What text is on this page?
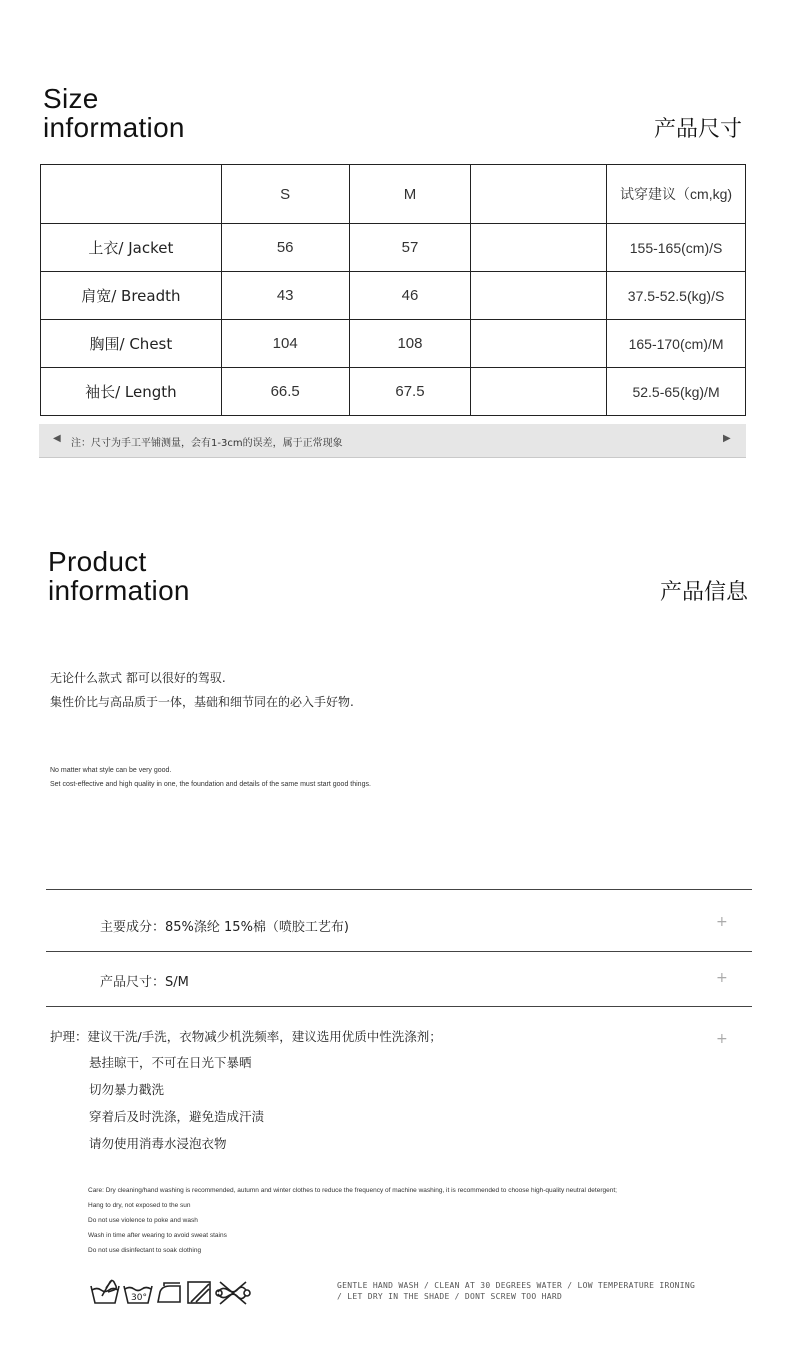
Size
information	产品尺寸
	S	M		试穿建议（cm,kg)
上衣/ Jacket	56	57		155-165(cm)/S
肩宽/ Breadth	43	46		37.5-52.5(kg)/S
胸围/ Chest	104	108		165-170(cm)/M
袖长/ Length	66.5	67.5		52.5-65(kg)/M
◀ 注：尺寸为手工平铺测量，会有1-3cm的误差，属于正常现象	▶
Product
information	产品信息
无论什么款式 都可以很好的驾驭.
集性价比与高品质于一体，基础和细节同在的必入手好物.
No matter what style can be very good.
Set cost-effective and high quality in one, the foundation and details of the same must start good things.
主要成分：85%涤纶 15%棉（喷胶工艺布)	+
产品尺寸：S/M	+
护理：建议干洗/手洗，衣物减少机洗频率，建议选用优质中性洗涤剂；	+
悬挂晾干，不可在日光下暴晒
切勿暴力戳洗
穿着后及时洗涤，避免造成汗渍
请勿使用消毒水浸泡衣物
Care: Dry cleaning/hand washing is recommended, autumn and winter clothes to reduce the frequency of machine washing, it is recommended to choose high-quality neutral detergent;
Hang to dry, not exposed to the sun
Do not use violence to poke and wash
Wash in time after wearing to avoid sweat stains
Do not use disinfectant to soak clothing
30°
GENTLE HAND WASH / CLEAN AT 30 DEGREES WATER / LOW TEMPERATURE IRONING
/ LET DRY IN THE SHADE / DONT SCREW TOO HARD
